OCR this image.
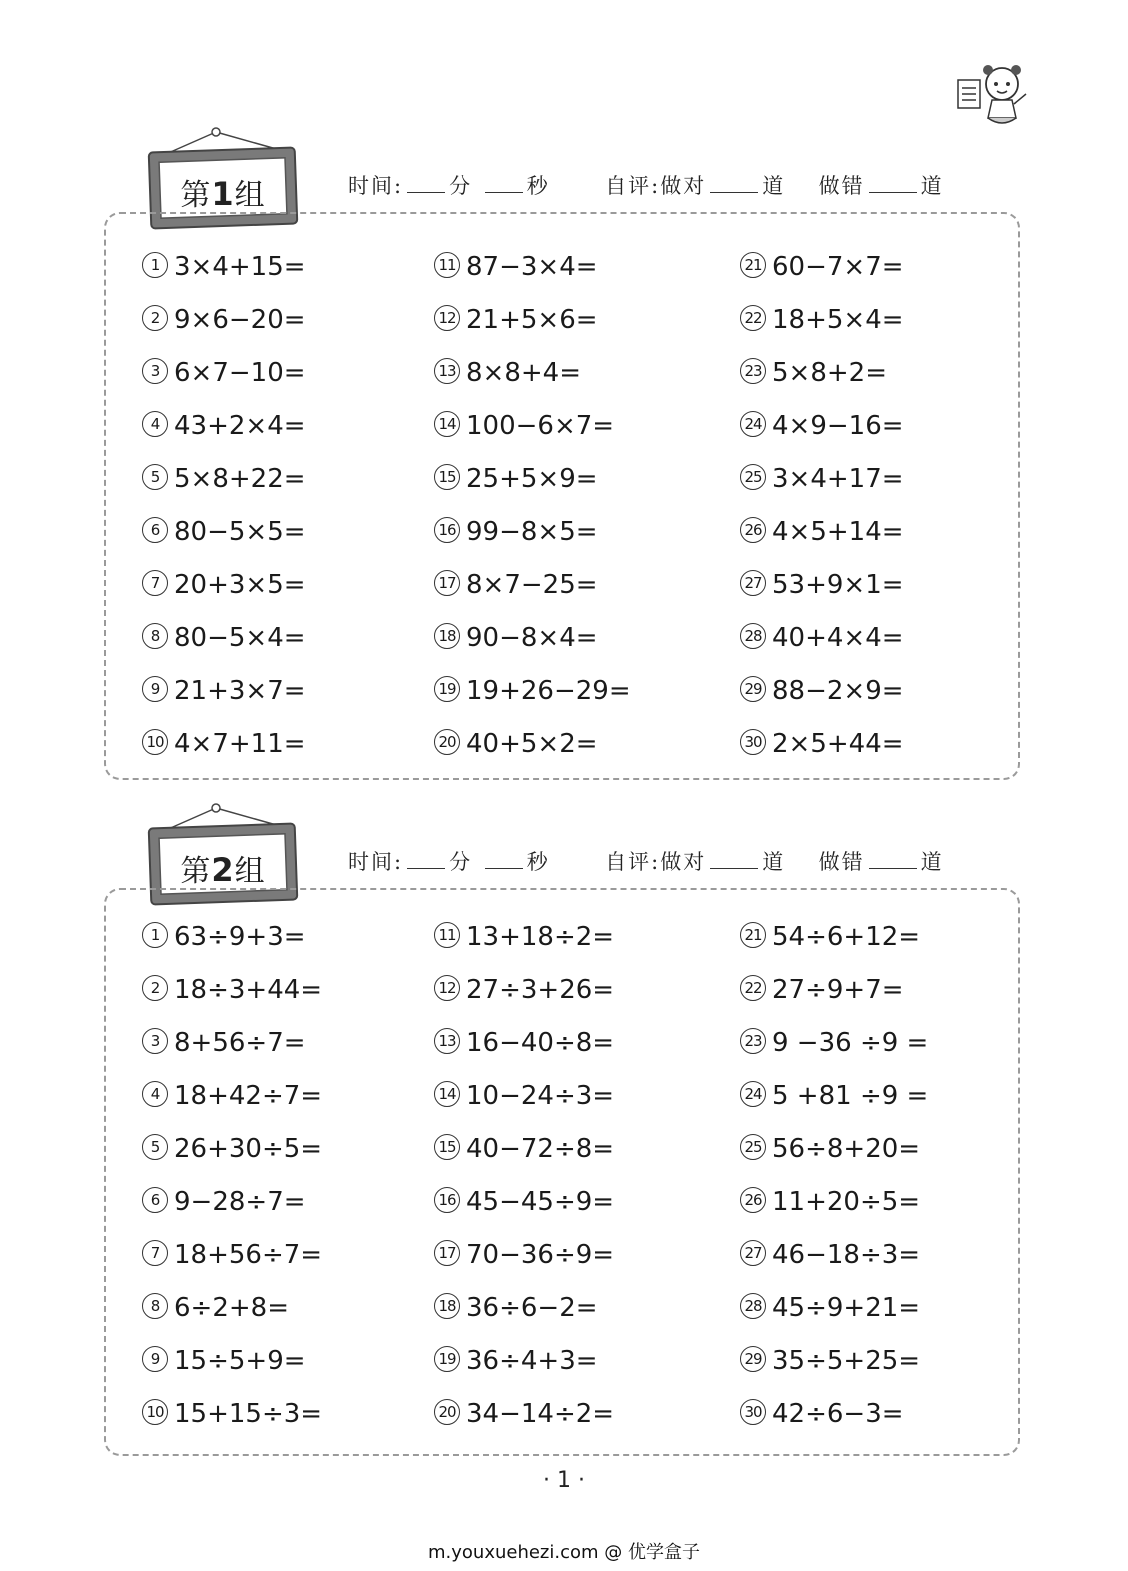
第1组	时间: 分	秒	自评:做对	道 做错	道
1 3×4+15=
2 9×6−20=
3 6×7−10=
4 43+2×4=
5 5×8+22=
6 80−5×5=
7 20+3×5=
8 80−5×4=
9 21+3×7=
10 4×7+11=
11 87−3×4=
12 21+5×6=
13 8×8+4=
14 100−6×7=
15 25+5×9=
16 99−8×5=
17 8×7−25=
18 90−8×4=
19 19+26−29=
20 40+5×2=
21 60−7×7=
22 18+5×4=
23 5×8+2=
24 4×9−16=
25 3×4+17=
26 4×5+14=
27 53+9×1=
28 40+4×4=
29 88−2×9=
30 2×5+44=
第2组	时间: 分	秒	自评:做对	道 做错	道
1 63÷9+3=
2 18÷3+44=
3 8+56÷7=
4 18+42÷7=
5 26+30÷5=
6 9−28÷7=
7 18+56÷7=
8 6÷2+8=
9 15÷5+9=
10 15+15÷3=
11 13+18÷2=
12 27÷3+26=
13 16−40÷8=
14 10−24÷3=
15 40−72÷8=
16 45−45÷9=
17 70−36÷9=
18 36÷6−2=
19 36÷4+3=
20 34−14÷2=
21 54÷6+12=
22 27÷9+7=
23 9 −36 ÷9 =
24 5 +81 ÷9 =
25 56÷8+20=
26 11+20÷5=
27 46−18÷3=
28 45÷9+21=
29 35÷5+25=
30 42÷6−3=
· 1 ·
m.youxuehezi.com @ 优学盒子
